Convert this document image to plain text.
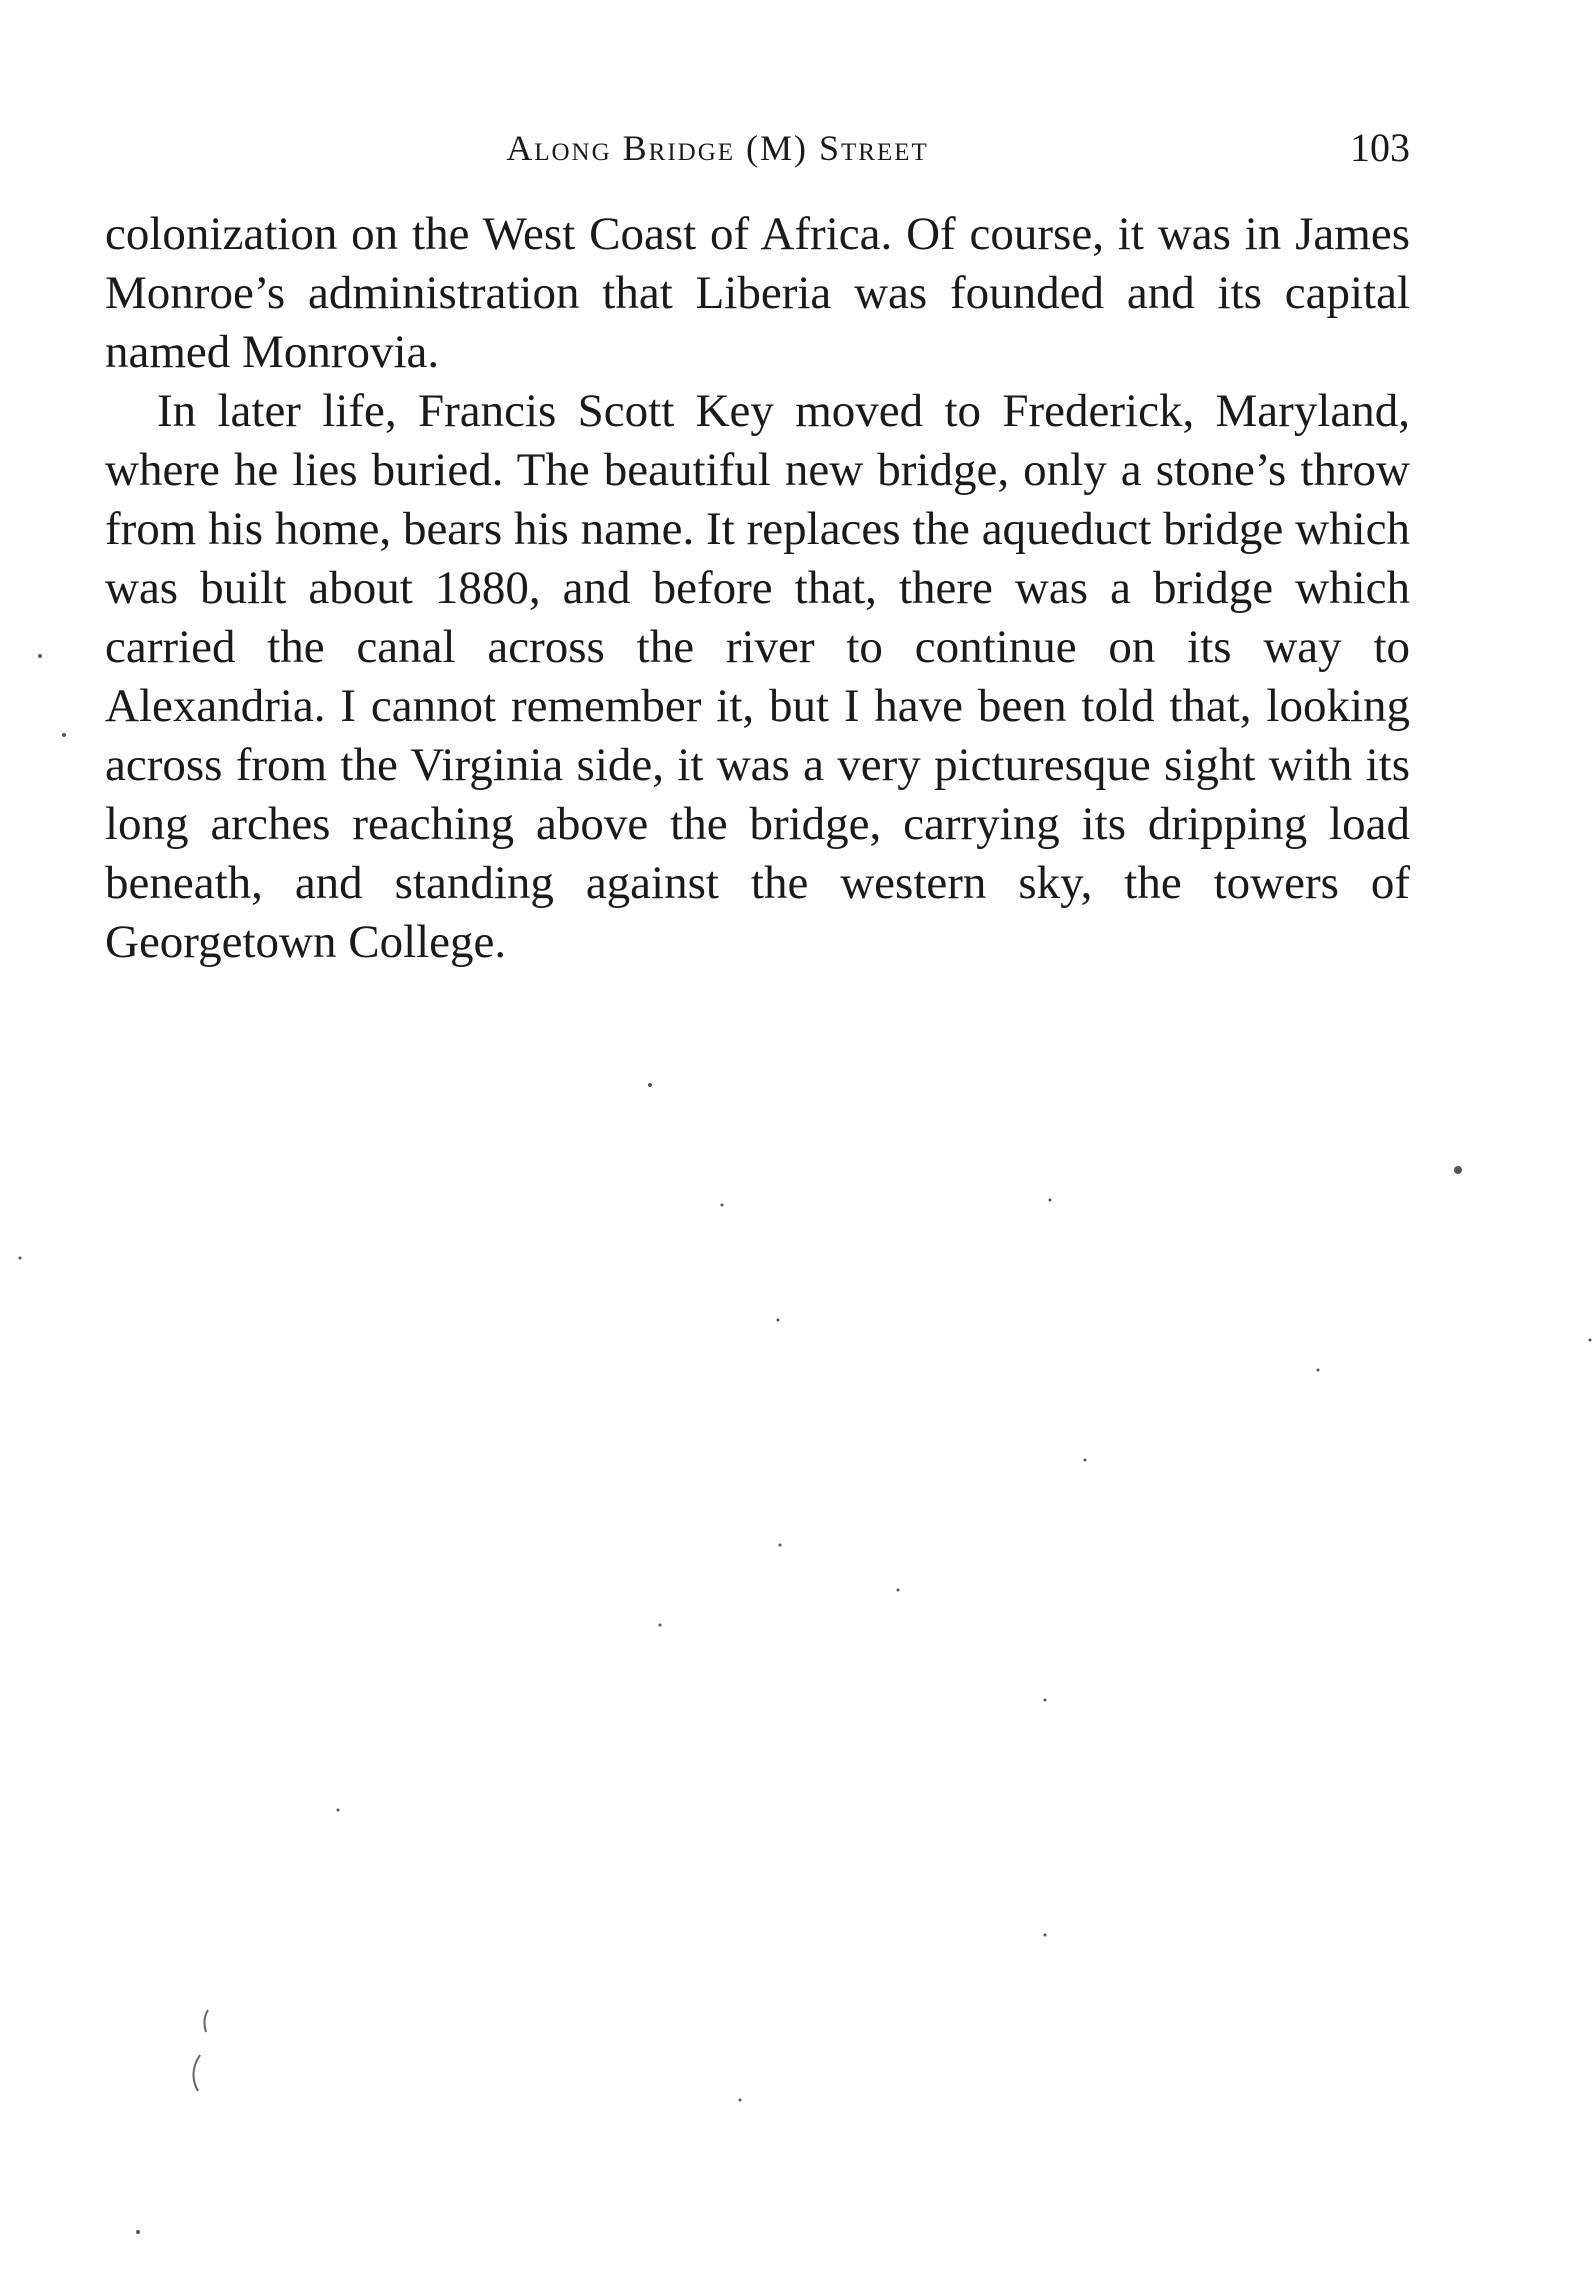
Along Bridge (M) Street	103

colonization on the West Coast of Africa. Of course, it was in James Monroe’s administration that Liberia was founded and its capital named Monrovia.

In later life, Francis Scott Key moved to Frederick, Maryland, where he lies buried. The beautiful new bridge, only a stone’s throw from his home, bears his name. It replaces the aqueduct bridge which was built about 1880, and before that, there was a bridge which carried the canal across the river to continue on its way to Alexandria. I cannot remember it, but I have been told that, looking across from the Virginia side, it was a very picturesque sight with its long arches reaching above the bridge, carrying its dripping load beneath, and standing against the western sky, the towers of Georgetown College.
